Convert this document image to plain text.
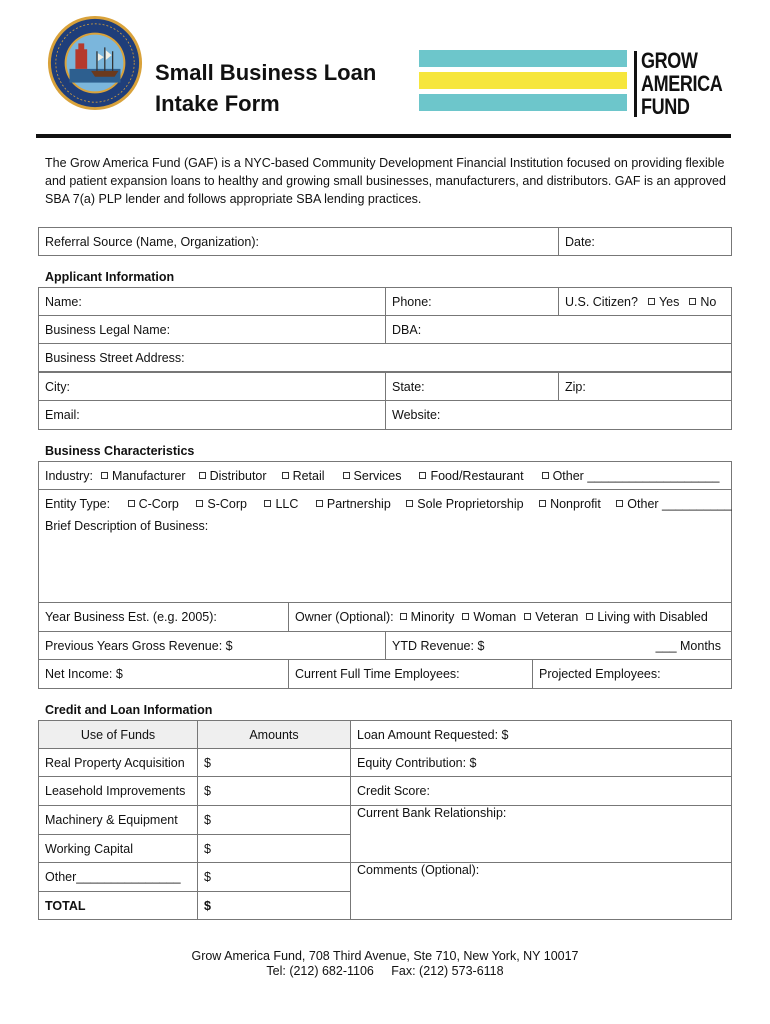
Small Business Loan
Intake Form
GROW
AMERICA
FUND
The Grow America Fund (GAF) is a NYC-based Community Development Financial Institution focused on providing flexible and patient expansion loans to healthy and growing small businesses, manufacturers, and distributors. GAF is an approved SBA 7(a) PLP lender and follows appropriate SBA lending practices.
Referral Source (Name, Organization):	Date:
Applicant Information
Name:	Phone:	U.S. Citizen?	Yes	No
Business Legal Name:	DBA:
Business Street Address:
City:	State:	Zip:
Email:	Website:
Business Characteristics
Industry:	Manufacturer	Distributor	Retail	Services	Food/Restaurant	Other ___________________
Entity Type: C-Corp S-Corp LLC Partnership Sole Proprietorship Nonprofit Other __________
Brief Description of Business:
Year Business Est. (e.g. 2005):	Owner (Optional):	Minority	Woman	Veteran	Living with Disabled
Previous Years Gross Revenue: $	YTD Revenue: $	___ Months
Net Income: $	Current Full Time Employees:	Projected Employees:
Credit and Loan Information
Use of Funds	Amounts
Real Property Acquisition $
Leasehold Improvements $
Machinery & Equipment $
Working Capital	$
Other_______________ $
TOTAL	$
Loan Amount Requested: $
Equity Contribution: $
Credit Score:
Current Bank Relationship:
Comments (Optional):
Grow America Fund, 708 Third Avenue, Ste 710, New York, NY 10017
Tel: (212) 682-1106 Fax: (212) 573-6118
